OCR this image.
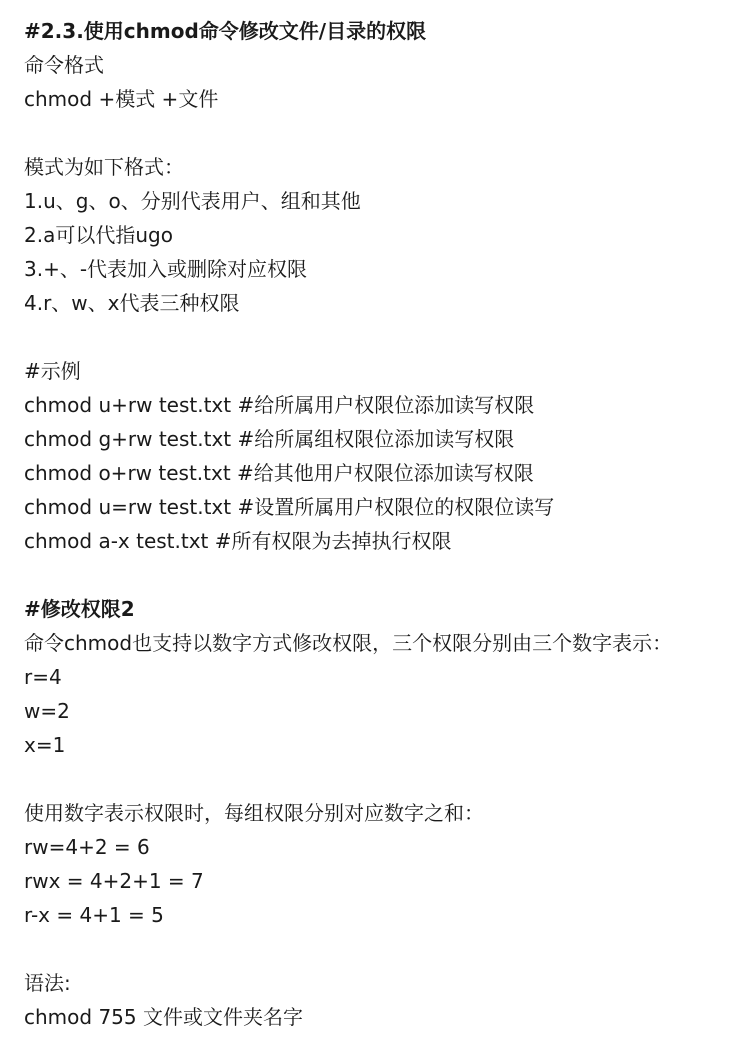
#2.3.使用chmod命令修改文件/目录的权限
命令格式
chmod +模式 +文件
模式为如下格式：
1.u、g、o、分别代表用户、组和其他
2.a可以代指ugo
3.+、-代表加入或删除对应权限
4.r、w、x代表三种权限
#示例
chmod u+rw test.txt #给所属用户权限位添加读写权限
chmod g+rw test.txt #给所属组权限位添加读写权限
chmod o+rw test.txt #给其他用户权限位添加读写权限
chmod u=rw test.txt #设置所属用户权限位的权限位读写
chmod a-x test.txt #所有权限为去掉执行权限
#修改权限2
命令chmod也支持以数字方式修改权限，三个权限分别由三个数字表示：
r=4
w=2
x=1
使用数字表示权限时，每组权限分别对应数字之和：
rw=4+2 = 6
rwx = 4+2+1 = 7
r-x = 4+1 = 5
语法:
chmod 755 文件或文件夹名字
